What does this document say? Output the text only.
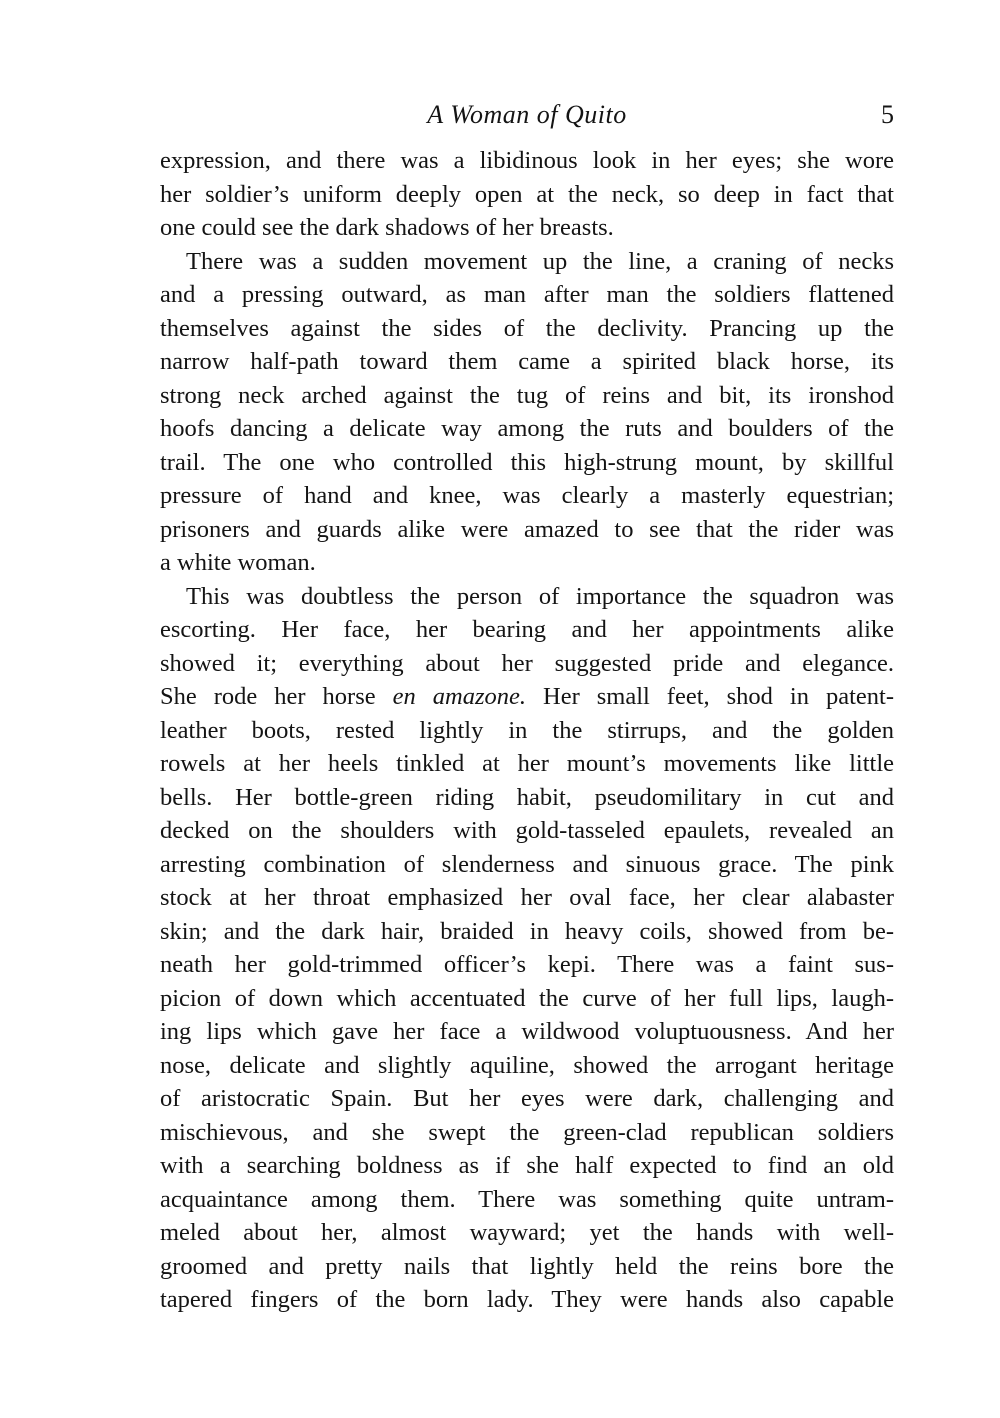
A Woman of Quito	5
expression, and there was a libidinous look in her eyes; she wore
her soldier’s uniform deeply open at the neck, so deep in fact that
one could see the dark shadows of her breasts.
There was a sudden movement up the line, a craning of necks
and a pressing outward, as man after man the soldiers flattened
themselves against the sides of the declivity. Prancing up the
narrow half-path toward them came a spirited black horse, its
strong neck arched against the tug of reins and bit, its ironshod
hoofs dancing a delicate way among the ruts and boulders of the
trail. The one who controlled this high-strung mount, by skillful
pressure of hand and knee, was clearly a masterly equestrian;
prisoners and guards alike were amazed to see that the rider was
a white woman.
This was doubtless the person of importance the squadron was
escorting. Her face, her bearing and her appointments alike
showed it; everything about her suggested pride and elegance.
She rode her horse en amazone. Her small feet, shod in patent-
leather boots, rested lightly in the stirrups, and the golden
rowels at her heels tinkled at her mount’s movements like little
bells. Her bottle-green riding habit, pseudomilitary in cut and
decked on the shoulders with gold-tasseled epaulets, revealed an
arresting combination of slenderness and sinuous grace. The pink
stock at her throat emphasized her oval face, her clear alabaster
skin; and the dark hair, braided in heavy coils, showed from be-
neath her gold-trimmed officer’s kepi. There was a faint sus-
picion of down which accentuated the curve of her full lips, laugh-
ing lips which gave her face a wildwood voluptuousness. And her
nose, delicate and slightly aquiline, showed the arrogant heritage
of aristocratic Spain. But her eyes were dark, challenging and
mischievous, and she swept the green-clad republican soldiers
with a searching boldness as if she half expected to find an old
acquaintance among them. There was something quite untram-
meled about her, almost wayward; yet the hands with well-
groomed and pretty nails that lightly held the reins bore the
tapered fingers of the born lady. They were hands also capable
